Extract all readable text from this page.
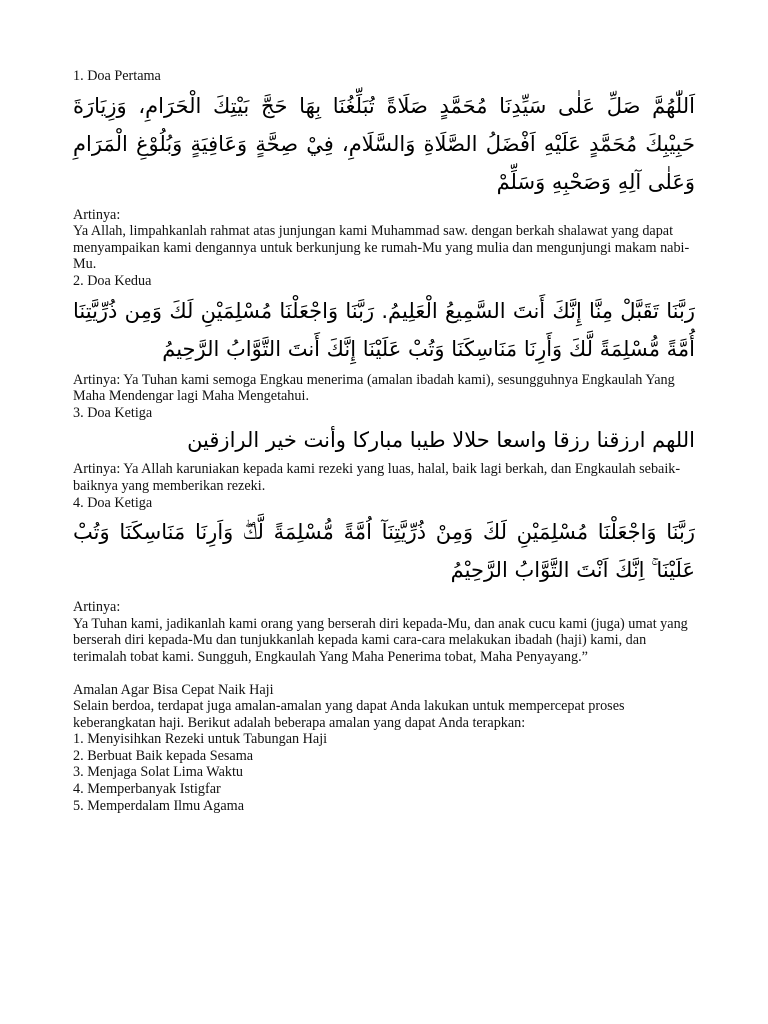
1. Doa Pertama

اَللّٰهُمَّ صَلِّ عَلٰى سَيِّدِنَا مُحَمَّدٍ صَلَاةً تُبَلِّغُنَا بِهَا حَجَّ بَيْتِكَ الْحَرَامِ، وَزِيَارَةَ حَبِيْبِكَ مُحَمَّدٍ عَلَيْهِ اَفْضَلُ الصَّلَاةِ وَالسَّلَامِ، فِيْ صِحَّةٍ وَعَافِيَةٍ وَبُلُوْغِ الْمَرَامِ وَعَلٰى آلِهِ وَصَحْبِهِ وَسَلِّمْ

Artinya:

Ya Allah, limpahkanlah rahmat atas junjungan kami Muhammad saw. dengan berkah shalawat yang dapat menyampaikan kami dengannya untuk berkunjung ke rumah-Mu yang mulia dan mengunjungi makam nabi-Mu.

2. Doa Kedua

رَبَّنَا تَقَبَّلْ مِنَّا إِنَّكَ أَنتَ السَّمِيعُ الْعَلِيمُ. رَبَّنَا وَاجْعَلْنَا مُسْلِمَيْنِ لَكَ وَمِن ذُرِّيَّتِنَا أُمَّةً مُّسْلِمَةً لَّكَ وَأَرِنَا مَنَاسِكَنَا وَتُبْ عَلَيْنَا إِنَّكَ أَنتَ التَّوَّابُ الرَّحِيمُ

Artinya: Ya Tuhan kami semoga Engkau menerima (amalan ibadah kami), sesungguhnya Engkaulah Yang Maha Mendengar lagi Maha Mengetahui.

3. Doa Ketiga

اللهم ارزقنا رزقا واسعا حلالا طيبا مباركا وأنت خير الرازقين

Artinya: Ya Allah karuniakan kepada kami rezeki yang luas, halal, baik lagi berkah, dan Engkaulah sebaik-baiknya yang memberikan rezeki.

4. Doa Ketiga

رَبَّنَا وَاجْعَلْنَا مُسْلِمَيْنِ لَكَ وَمِنْ ذُرِّيَّتِنَآ اُمَّةً مُّسْلِمَةً لَّكَۖ وَاَرِنَا مَنَاسِكَنَا وَتُبْ عَلَيْنَا ۚ اِنَّكَ اَنْتَ التَّوَّابُ الرَّحِيْمُ

Artinya:

Ya Tuhan kami, jadikanlah kami orang yang berserah diri kepada-Mu, dan anak cucu kami (juga) umat yang berserah diri kepada-Mu dan tunjukkanlah kepada kami cara-cara melakukan ibadah (haji) kami, dan terimalah tobat kami. Sungguh, Engkaulah Yang Maha Penerima tobat, Maha Penyayang.”

Amalan Agar Bisa Cepat Naik Haji

Selain berdoa, terdapat juga amalan-amalan yang dapat Anda lakukan untuk mempercepat proses keberangkatan haji. Berikut adalah beberapa amalan yang dapat Anda terapkan:

1. Menyisihkan Rezeki untuk Tabungan Haji
2. Berbuat Baik kepada Sesama
3. Menjaga Solat Lima Waktu
4. Memperbanyak Istigfar
5. Memperdalam Ilmu Agama
